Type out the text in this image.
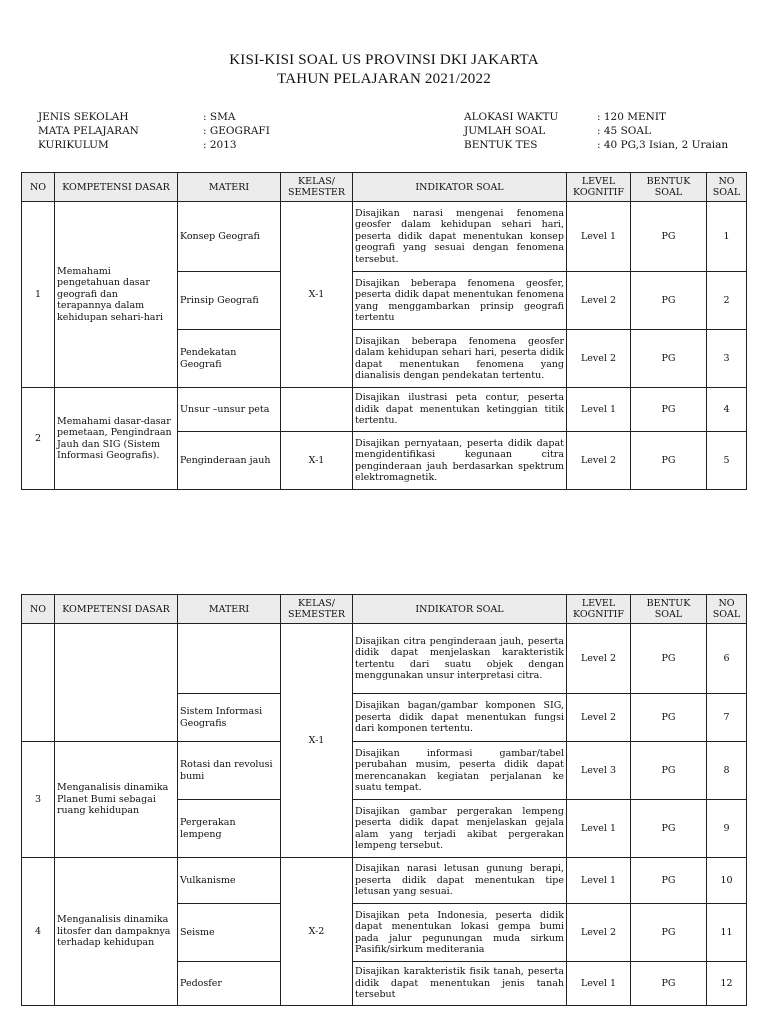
KISI-KISI SOAL US PROVINSI DKI JAKARTA
TAHUN PELAJARAN 2021/2022
JENIS SEKOLAH	: SMA
MATA PELAJARAN	: GEOGRAFI
KURIKULUM	: 2013
ALOKASI WAKTU	: 120 MENIT
JUMLAH SOAL	: 45 SOAL
BENTUK TES	: 40 PG,3 Isian, 2 Uraian
NO	KOMPETENSI DASAR	MATERI	KELAS/ SEMESTER	INDIKATOR SOAL	LEVEL KOGNITIF	BENTUK SOAL	NO SOAL
1	Memahami pengetahuan dasar geografi dan terapannya dalam kehidupan sehari-hari	Konsep Geografi	X-1	Disajikan narasi mengenai fenomena geosfer dalam kehidupan sehari hari, peserta didik dapat menentukan konsep geografi yang sesuai dengan fenomena tersebut.	Level 1	PG	1
		Prinsip Geografi		Disajikan beberapa fenomena geosfer, peserta didik dapat menentukan fenomena yang menggambarkan prinsip geografi tertentu	Level 2	PG	2
		Pendekatan Geografi		Disajikan beberapa fenomena geosfer dalam kehidupan sehari hari, peserta didik dapat menentukan fenomena yang dianalisis dengan pendekatan tertentu.	Level 2	PG	3
2	Memahami dasar-dasar pemetaan, Pengindraan Jauh dan SIG (Sistem Informasi Geografis).	Unsur –unsur peta		Disajikan ilustrasi peta contur, peserta didik dapat menentukan ketinggian titik tertentu.	Level 1	PG	4
		Penginderaan jauh	X-1	Disajikan pernyataan, peserta didik dapat mengidentifikasi kegunaan citra penginderaan jauh berdasarkan spektrum elektromagnetik.	Level 2	PG	5
NO	KOMPETENSI DASAR	MATERI	KELAS/ SEMESTER	INDIKATOR SOAL	LEVEL KOGNITIF	BENTUK SOAL	NO SOAL
			X-1	Disajikan citra penginderaan jauh, peserta didik dapat menjelaskan karakteristik tertentu dari suatu objek dengan menggunakan unsur interpretasi citra.	Level 2	PG	6
		Sistem Informasi Geografis		Disajikan bagan/gambar komponen SIG, peserta didik dapat menentukan fungsi dari komponen tertentu.	Level 2	PG	7
3	Menganalisis dinamika Planet Bumi sebagai ruang kehidupan	Rotasi dan revolusi bumi		Disajikan informasi gambar/tabel perubahan musim, peserta didik dapat merencanakan kegiatan perjalanan ke suatu tempat.	Level 3	PG	8
		Pergerakan lempeng		Disajikan gambar pergerakan lempeng peserta didik dapat menjelaskan gejala alam yang terjadi akibat pergerakan lempeng tersebut.	Level 1	PG	9
4	Menganalisis dinamika litosfer dan dampaknya terhadap kehidupan	Vulkanisme	X-2	Disajikan narasi letusan gunung berapi, peserta didik dapat menentukan tipe letusan yang sesuai.	Level 1	PG	10
		Seisme		Disajikan peta Indonesia, peserta didik dapat menentukan lokasi gempa bumi pada jalur pegunungan muda sirkum Pasifik/sirkum mediterania	Level 2	PG	11
		Pedosfer		Disajikan karakteristik fisik tanah, peserta didik dapat menentukan jenis tanah tersebut	Level 1	PG	12
